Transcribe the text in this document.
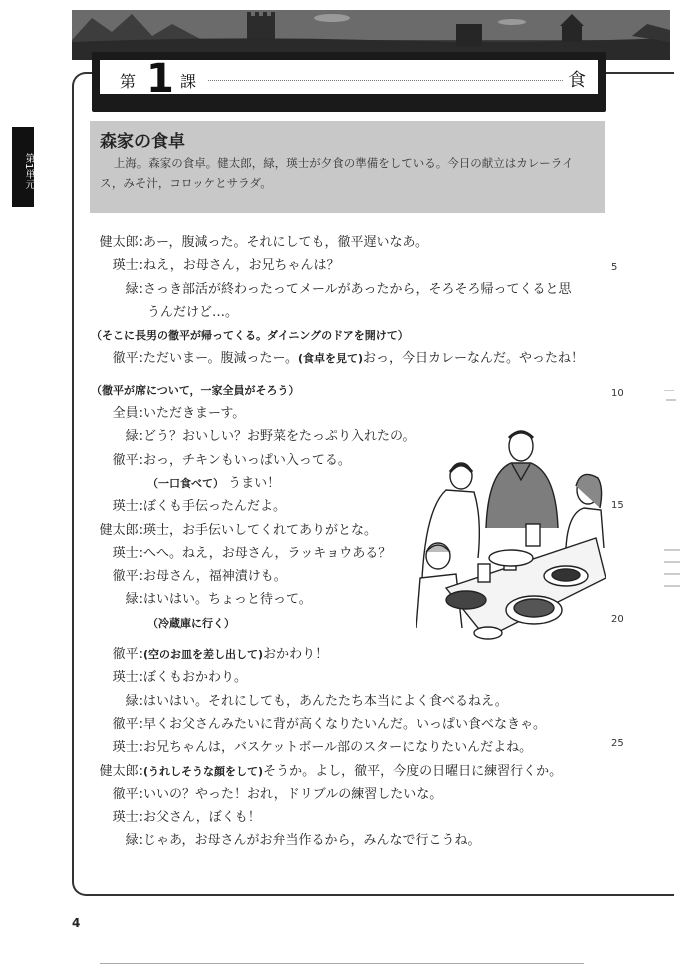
第 1 課	食
第1単元
森家の食卓
上海。森家の食卓。健太郎，緑，瑛士が夕食の準備をしている。今日の献立はカレーライス，みそ汁，コロッケとサラダ。
健太郎:あー，腹減った。それにしても，徹平遅いなあ。
瑛士:ねえ，お母さん，お兄ちゃんは？
緑:さっき部活が終わったってメールがあったから，そろそろ帰ってくると思
うんだけど…。
（そこに長男の徹平が帰ってくる。ダイニングのドアを開けて）
徹平:ただいまー。腹減ったー。(食卓を見て)おっ，今日カレーなんだ。やったね！
（徹平が席について，一家全員がそろう）
全員:いただきまーす。
緑:どう？おいしい？お野菜をたっぷり入れたの。
徹平:おっ，チキンもいっぱい入ってる。
（一口食べて） うまい！
瑛士:ぼくも手伝ったんだよ。
健太郎:瑛士，お手伝いしてくれてありがとな。
瑛士:へへ。ねえ，お母さん，ラッキョウある？
徹平:お母さん，福神漬けも。
緑:はいはい。ちょっと待って。
（冷蔵庫に行く）
徹平:(空のお皿を差し出して)おかわり！
瑛士:ぼくもおかわり。
緑:はいはい。それにしても，あんたたち本当によく食べるねえ。
徹平:早くお父さんみたいに背が高くなりたいんだ。いっぱい食べなきゃ。
瑛士:お兄ちゃんは，バスケットボール部のスターになりたいんだよね。
健太郎:(うれしそうな顔をして)そうか。よし，徹平，今度の日曜日に練習行くか。
徹平:いいの？やった！おれ，ドリブルの練習したいな。
瑛士:お父さん，ぼくも！
緑:じゃあ，お母さんがお弁当作るから，みんなで行こうね。
5
10
15
20
25
4
